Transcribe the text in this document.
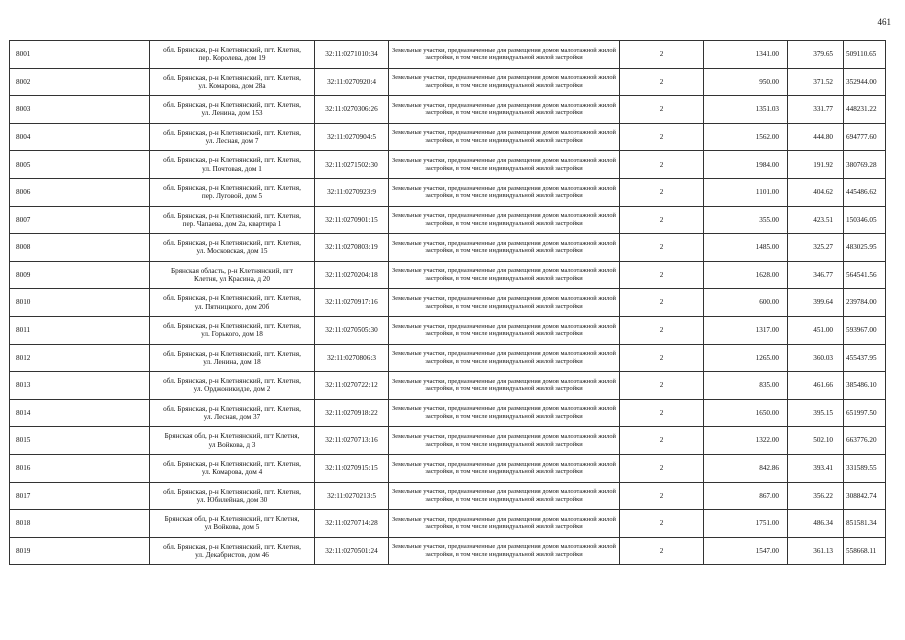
461
8001	обл. Брянская, р-н Клетнянский, пгт. Клетня,
пер. Королева, дом 19	32:11:0271010:34	Земельные участки, предназначенные для размещения домов малоэтажной жилой застройки, в том числе индивидуальной жилой застройки	2	1341.00	379.65	509110.65
8002	обл. Брянская, р-н Клетнянский, пгт. Клетня,
ул. Комарова, дом 28а	32:11:0270920:4	Земельные участки, предназначенные для размещения домов малоэтажной жилой застройки, в том числе индивидуальной жилой застройки	2	950.00	371.52	352944.00
8003	обл. Брянская, р-н Клетнянский, пгт. Клетня,
ул. Ленина, дом 153	32:11:0270306:26	Земельные участки, предназначенные для размещения домов малоэтажной жилой застройки, в том числе индивидуальной жилой застройки	2	1351.03	331.77	448231.22
8004	обл. Брянская, р-н Клетнянский, пгт. Клетня,
ул. Лесная, дом 7	32:11:0270904:5	Земельные участки, предназначенные для размещения домов малоэтажной жилой застройки, в том числе индивидуальной жилой застройки	2	1562.00	444.80	694777.60
8005	обл. Брянская, р-н Клетнянский, пгт. Клетня,
ул. Почтовая, дом 1	32:11:0271502:30	Земельные участки, предназначенные для размещения домов малоэтажной жилой застройки, в том числе индивидуальной жилой застройки	2	1984.00	191.92	380769.28
8006	обл. Брянская, р-н Клетнянский, пгт. Клетня,
пер. Луговой, дом 5	32:11:0270923:9	Земельные участки, предназначенные для размещения домов малоэтажной жилой застройки, в том числе индивидуальной жилой застройки	2	1101.00	404.62	445486.62
8007	обл. Брянская, р-н Клетнянский, пгт. Клетня,
пер. Чапаева, дом 2а, квартира 1	32:11:0270901:15	Земельные участки, предназначенные для размещения домов малоэтажной жилой застройки, в том числе индивидуальной жилой застройки	2	355.00	423.51	150346.05
8008	обл. Брянская, р-н Клетнянский, пгт. Клетня,
ул. Московская, дом 15	32:11:0270803:19	Земельные участки, предназначенные для размещения домов малоэтажной жилой застройки, в том числе индивидуальной жилой застройки	2	1485.00	325.27	483025.95
8009	Брянская область, р-н Клетнянский, пгт
Клетня, ул Красина, д 20	32:11:0270204:18	Земельные участки, предназначенные для размещения домов малоэтажной жилой застройки, в том числе индивидуальной жилой застройки	2	1628.00	346.77	564541.56
8010	обл. Брянская, р-н Клетнянский, пгт. Клетня,
ул. Пятницкого, дом 20б	32:11:0270917:16	Земельные участки, предназначенные для размещения домов малоэтажной жилой застройки, в том числе индивидуальной жилой застройки	2	600.00	399.64	239784.00
8011	обл. Брянская, р-н Клетнянский, пгт. Клетня,
ул. Горького, дом 18	32:11:0270505:30	Земельные участки, предназначенные для размещения домов малоэтажной жилой застройки, в том числе индивидуальной жилой застройки	2	1317.00	451.00	593967.00
8012	обл. Брянская, р-н Клетнянский, пгт. Клетня,
ул. Ленина, дом 18	32:11:0270806:3	Земельные участки, предназначенные для размещения домов малоэтажной жилой застройки, в том числе индивидуальной жилой застройки	2	1265.00	360.03	455437.95
8013	обл. Брянская, р-н Клетнянский, пгт. Клетня,
ул. Орджоникидзе, дом 2	32:11:0270722:12	Земельные участки, предназначенные для размещения домов малоэтажной жилой застройки, в том числе индивидуальной жилой застройки	2	835.00	461.66	385486.10
8014	обл. Брянская, р-н Клетнянский, пгт. Клетня,
ул. Лесная, дом 37	32:11:0270918:22	Земельные участки, предназначенные для размещения домов малоэтажной жилой застройки, в том числе индивидуальной жилой застройки	2	1650.00	395.15	651997.50
8015	Брянская обл, р-н Клетнянский, пгт Клетня,
ул Войкова, д 3	32:11:0270713:16	Земельные участки, предназначенные для размещения домов малоэтажной жилой застройки, в том числе индивидуальной жилой застройки	2	1322.00	502.10	663776.20
8016	обл. Брянская, р-н Клетнянский, пгт. Клетня,
ул. Комарова, дом 4	32:11:0270915:15	Земельные участки, предназначенные для размещения домов малоэтажной жилой застройки, в том числе индивидуальной жилой застройки	2	842.86	393.41	331589.55
8017	обл. Брянская, р-н Клетнянский, пгт. Клетня,
ул. Юбилейная, дом 30	32:11:0270213:5	Земельные участки, предназначенные для размещения домов малоэтажной жилой застройки, в том числе индивидуальной жилой застройки	2	867.00	356.22	308842.74
8018	Брянская обл, р-н Клетнянский, пгт Клетня,
ул Войкова, дом 5	32:11:0270714:28	Земельные участки, предназначенные для размещения домов малоэтажной жилой застройки, в том числе индивидуальной жилой застройки	2	1751.00	486.34	851581.34
8019	обл. Брянская, р-н Клетнянский, пгт. Клетня,
ул. Декабристов, дом 46	32:11:0270501:24	Земельные участки, предназначенные для размещения домов малоэтажной жилой застройки, в том числе индивидуальной жилой застройки	2	1547.00	361.13	558668.11
